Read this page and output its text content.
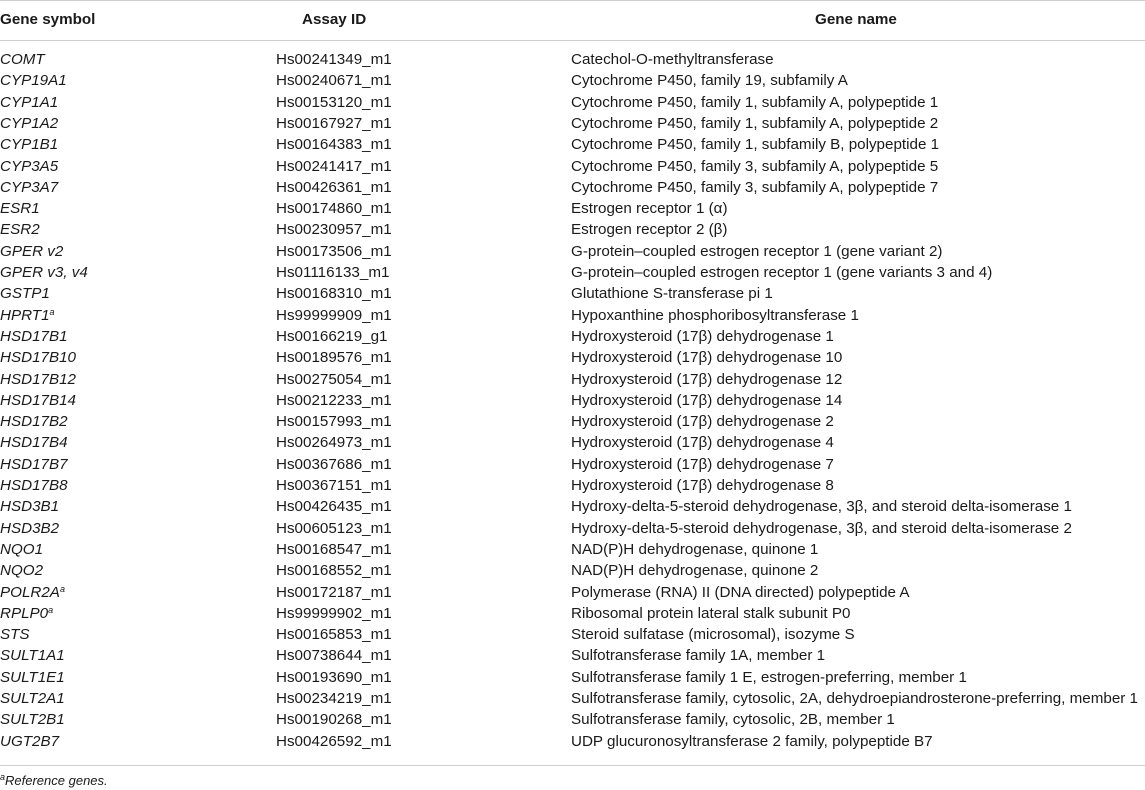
Gene symbol	Assay ID	Gene name
COMT	Hs00241349_m1	Catechol-O-methyltransferase
CYP19A1	Hs00240671_m1	Cytochrome P450, family 19, subfamily A
CYP1A1	Hs00153120_m1	Cytochrome P450, family 1, subfamily A, polypeptide 1
CYP1A2	Hs00167927_m1	Cytochrome P450, family 1, subfamily A, polypeptide 2
CYP1B1	Hs00164383_m1	Cytochrome P450, family 1, subfamily B, polypeptide 1
CYP3A5	Hs00241417_m1	Cytochrome P450, family 3, subfamily A, polypeptide 5
CYP3A7	Hs00426361_m1	Cytochrome P450, family 3, subfamily A, polypeptide 7
ESR1	Hs00174860_m1	Estrogen receptor 1 (α)
ESR2	Hs00230957_m1	Estrogen receptor 2 (β)
GPER v2	Hs00173506_m1	G-protein–coupled estrogen receptor 1 (gene variant 2)
GPER v3, v4	Hs01116133_m1	G-protein–coupled estrogen receptor 1 (gene variants 3 and 4)
GSTP1	Hs00168310_m1	Glutathione S-transferase pi 1
HPRT1$^a$	Hs99999909_m1	Hypoxanthine phosphoribosyltransferase 1
HSD17B1	Hs00166219_g1	Hydroxysteroid (17β) dehydrogenase 1
HSD17B10	Hs00189576_m1	Hydroxysteroid (17β) dehydrogenase 10
HSD17B12	Hs00275054_m1	Hydroxysteroid (17β) dehydrogenase 12
HSD17B14	Hs00212233_m1	Hydroxysteroid (17β) dehydrogenase 14
HSD17B2	Hs00157993_m1	Hydroxysteroid (17β) dehydrogenase 2
HSD17B4	Hs00264973_m1	Hydroxysteroid (17β) dehydrogenase 4
HSD17B7	Hs00367686_m1	Hydroxysteroid (17β) dehydrogenase 7
HSD17B8	Hs00367151_m1	Hydroxysteroid (17β) dehydrogenase 8
HSD3B1	Hs00426435_m1	Hydroxy-delta-5-steroid dehydrogenase, 3β, and steroid delta-isomerase 1
HSD3B2	Hs00605123_m1	Hydroxy-delta-5-steroid dehydrogenase, 3β, and steroid delta-isomerase 2
NQO1	Hs00168547_m1	NAD(P)H dehydrogenase, quinone 1
NQO2	Hs00168552_m1	NAD(P)H dehydrogenase, quinone 2
$POLR2A^a$	Hs00172187_m1	Polymerase (RNA) II (DNA directed) polypeptide A
RPLP0$^a$	Hs99999902_m1	Ribosomal protein lateral stalk subunit P0
STS	Hs00165853_m1	Steroid sulfatase (microsomal), isozyme S
SULT1A1	Hs00738644_m1	Sulfotransferase family 1A, member 1
SULT1E1	Hs00193690_m1	Sulfotransferase family 1 E, estrogen-preferring, member 1
SULT2A1	Hs00234219_m1	Sulfotransferase family, cytosolic, 2A, dehydroepiandrosterone-preferring, member 1
SULT2B1	Hs00190268_m1	Sulfotransferase family, cytosolic, 2B, member 1
UGT2B7	Hs00426592_m1	UDP glucuronosyltransferase 2 family, polypeptide B7
$^a$Reference genes.
